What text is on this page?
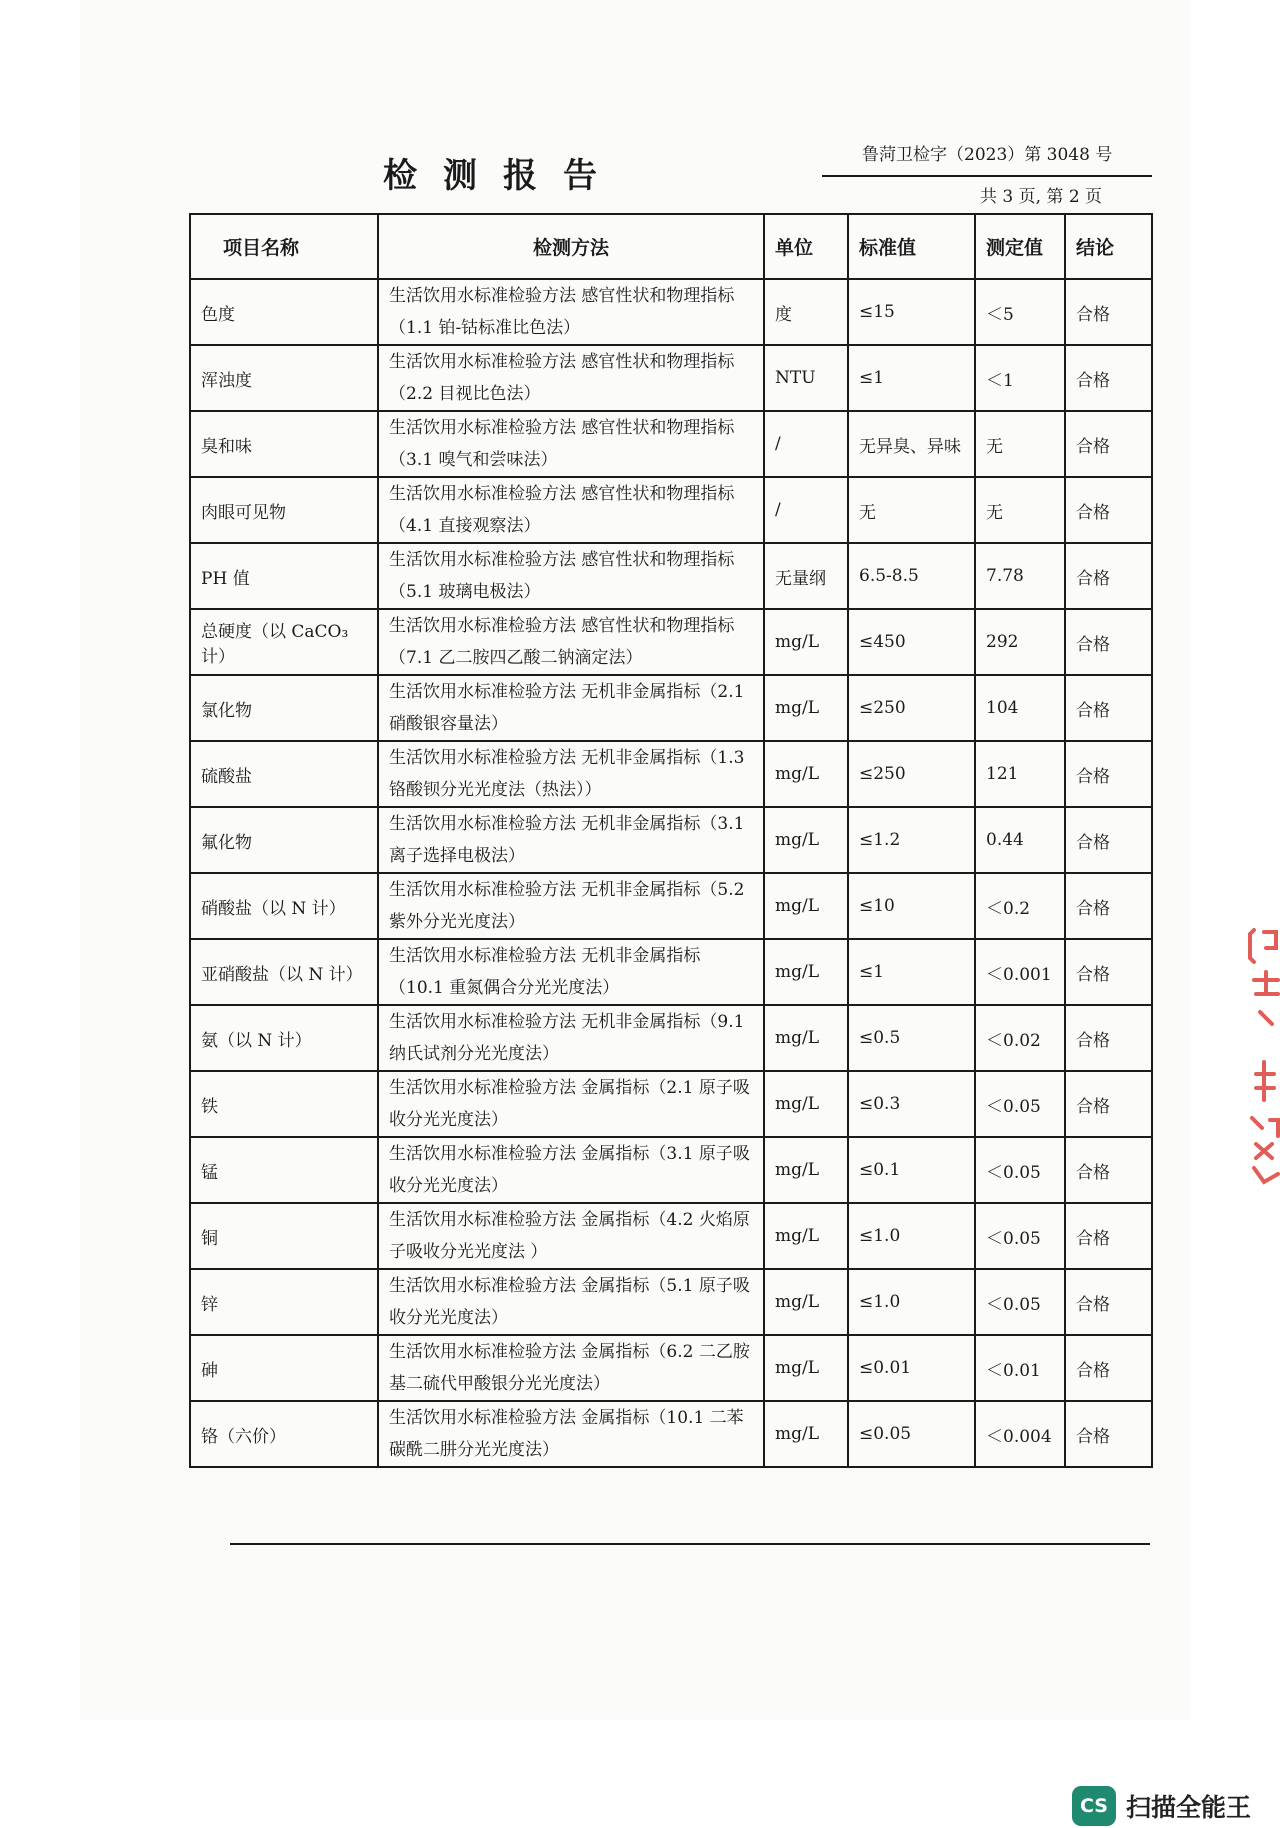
检测报告
鲁菏卫检字（2023）第 3048 号
共 3 页, 第 2 页
项目名称	检测方法	单位	标准值	测定值	结论
色度	生活饮用水标准检验方法 感官性状和物理指标（1.1 铂-钴标准比色法）	度	≤15	＜5	合格
浑浊度	生活饮用水标准检验方法 感官性状和物理指标（2.2 目视比色法）	NTU	≤1	＜1	合格
臭和味	生活饮用水标准检验方法 感官性状和物理指标（3.1 嗅气和尝味法）	/	无异臭、异味	无	合格
肉眼可见物	生活饮用水标准检验方法 感官性状和物理指标（4.1 直接观察法）	/	无	无	合格
PH 值	生活饮用水标准检验方法 感官性状和物理指标（5.1 玻璃电极法）	无量纲	6.5-8.5	7.78	合格
总硬度（以 CaCO₃计）	生活饮用水标准检验方法 感官性状和物理指标（7.1 乙二胺四乙酸二钠滴定法）	mg/L	≤450	292	合格
氯化物	生活饮用水标准检验方法 无机非金属指标（2.1 硝酸银容量法）	mg/L	≤250	104	合格
硫酸盐	生活饮用水标准检验方法 无机非金属指标（1.3 铬酸钡分光光度法（热法））	mg/L	≤250	121	合格
氟化物	生活饮用水标准检验方法 无机非金属指标（3.1 离子选择电极法）	mg/L	≤1.2	0.44	合格
硝酸盐（以 N 计）	生活饮用水标准检验方法 无机非金属指标（5.2 紫外分光光度法）	mg/L	≤10	＜0.2	合格
亚硝酸盐（以 N 计）	生活饮用水标准检验方法 无机非金属指标（10.1 重氮偶合分光光度法）	mg/L	≤1	＜0.001	合格
氨（以 N 计）	生活饮用水标准检验方法 无机非金属指标（9.1 纳氏试剂分光光度法）	mg/L	≤0.5	＜0.02	合格
铁	生活饮用水标准检验方法 金属指标（2.1 原子吸收分光光度法）	mg/L	≤0.3	＜0.05	合格
锰	生活饮用水标准检验方法 金属指标（3.1 原子吸收分光光度法）	mg/L	≤0.1	＜0.05	合格
铜	生活饮用水标准检验方法 金属指标（4.2 火焰原子吸收分光光度法 ）	mg/L	≤1.0	＜0.05	合格
锌	生活饮用水标准检验方法 金属指标（5.1 原子吸收分光光度法）	mg/L	≤1.0	＜0.05	合格
砷	生活饮用水标准检验方法 金属指标（6.2 二乙胺基二硫代甲酸银分光光度法）	mg/L	≤0.01	＜0.01	合格
铬（六价）	生活饮用水标准检验方法 金属指标（10.1 二苯碳酰二肼分光光度法）	mg/L	≤0.05	＜0.004	合格
CS 扫描全能王
